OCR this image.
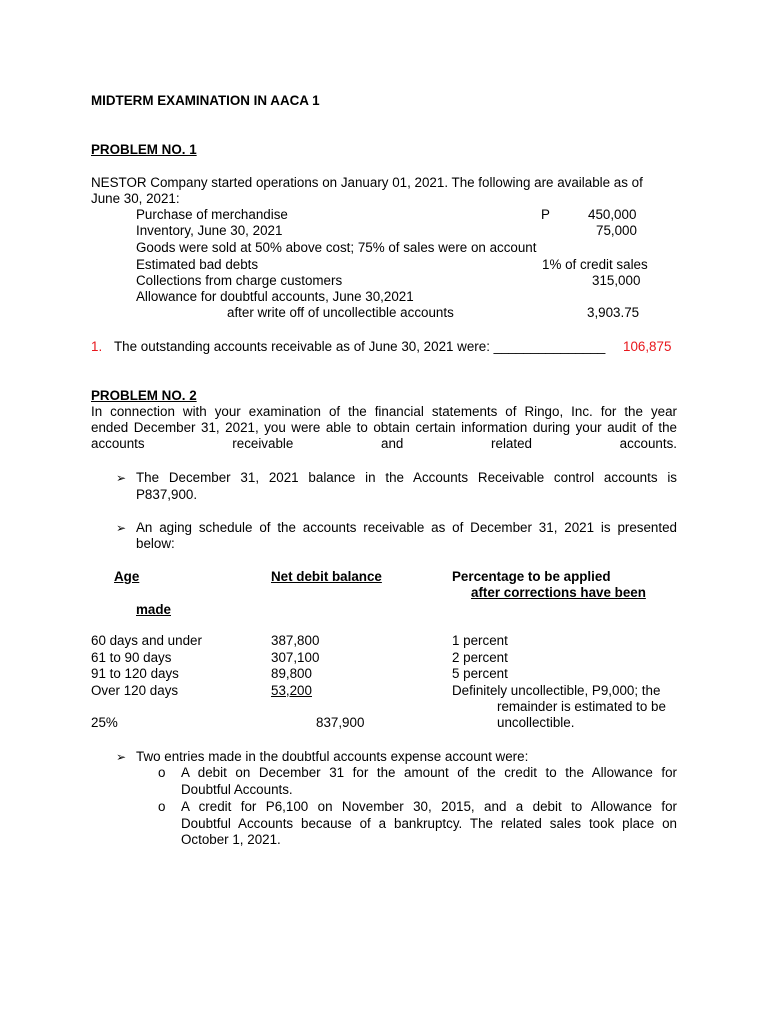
MIDTERM EXAMINATION IN AACA 1
PROBLEM NO. 1
NESTOR Company started operations on January 01, 2021. The following are available as of
June 30, 2021:
Purchase of merchandise	P	450,000
Inventory, June 30, 2021	75,000
Goods were sold at 50% above cost; 75% of sales were on account
Estimated bad debts	1% of credit sales
Collections from charge customers	315,000
Allowance for doubtful accounts, June 30,2021
after write off of uncollectible accounts	3,903.75
1. The outstanding accounts receivable as of June 30, 2021 were: _______________ 106,875
PROBLEM NO. 2
In connection with your examination of the financial statements of Ringo, Inc. for the year
ended December 31, 2021, you were able to obtain certain information during your audit of the
accounts receivable and related accounts.
➢ The December 31, 2021 balance in the Accounts Receivable control accounts is
P837,900.
➢ An aging schedule of the accounts receivable as of December 31, 2021 is presented
below:
Age	Net debit balance	Percentage to be applied
after corrections have been
made
60 days and under	387,800	1 percent
61 to 90 days	307,100	2 percent
91 to 120 days	89,800	5 percent
Over 120 days	53,200	Definitely uncollectible, P9,000; the
remainder is estimated to be
25%	837,900	uncollectible.
➢ Two entries made in the doubtful accounts expense account were:
o A debit on December 31 for the amount of the credit to the Allowance for
Doubtful Accounts.
o A credit for P6,100 on November 30, 2015, and a debit to Allowance for
Doubtful Accounts because of a bankruptcy. The related sales took place on
October 1, 2021.
